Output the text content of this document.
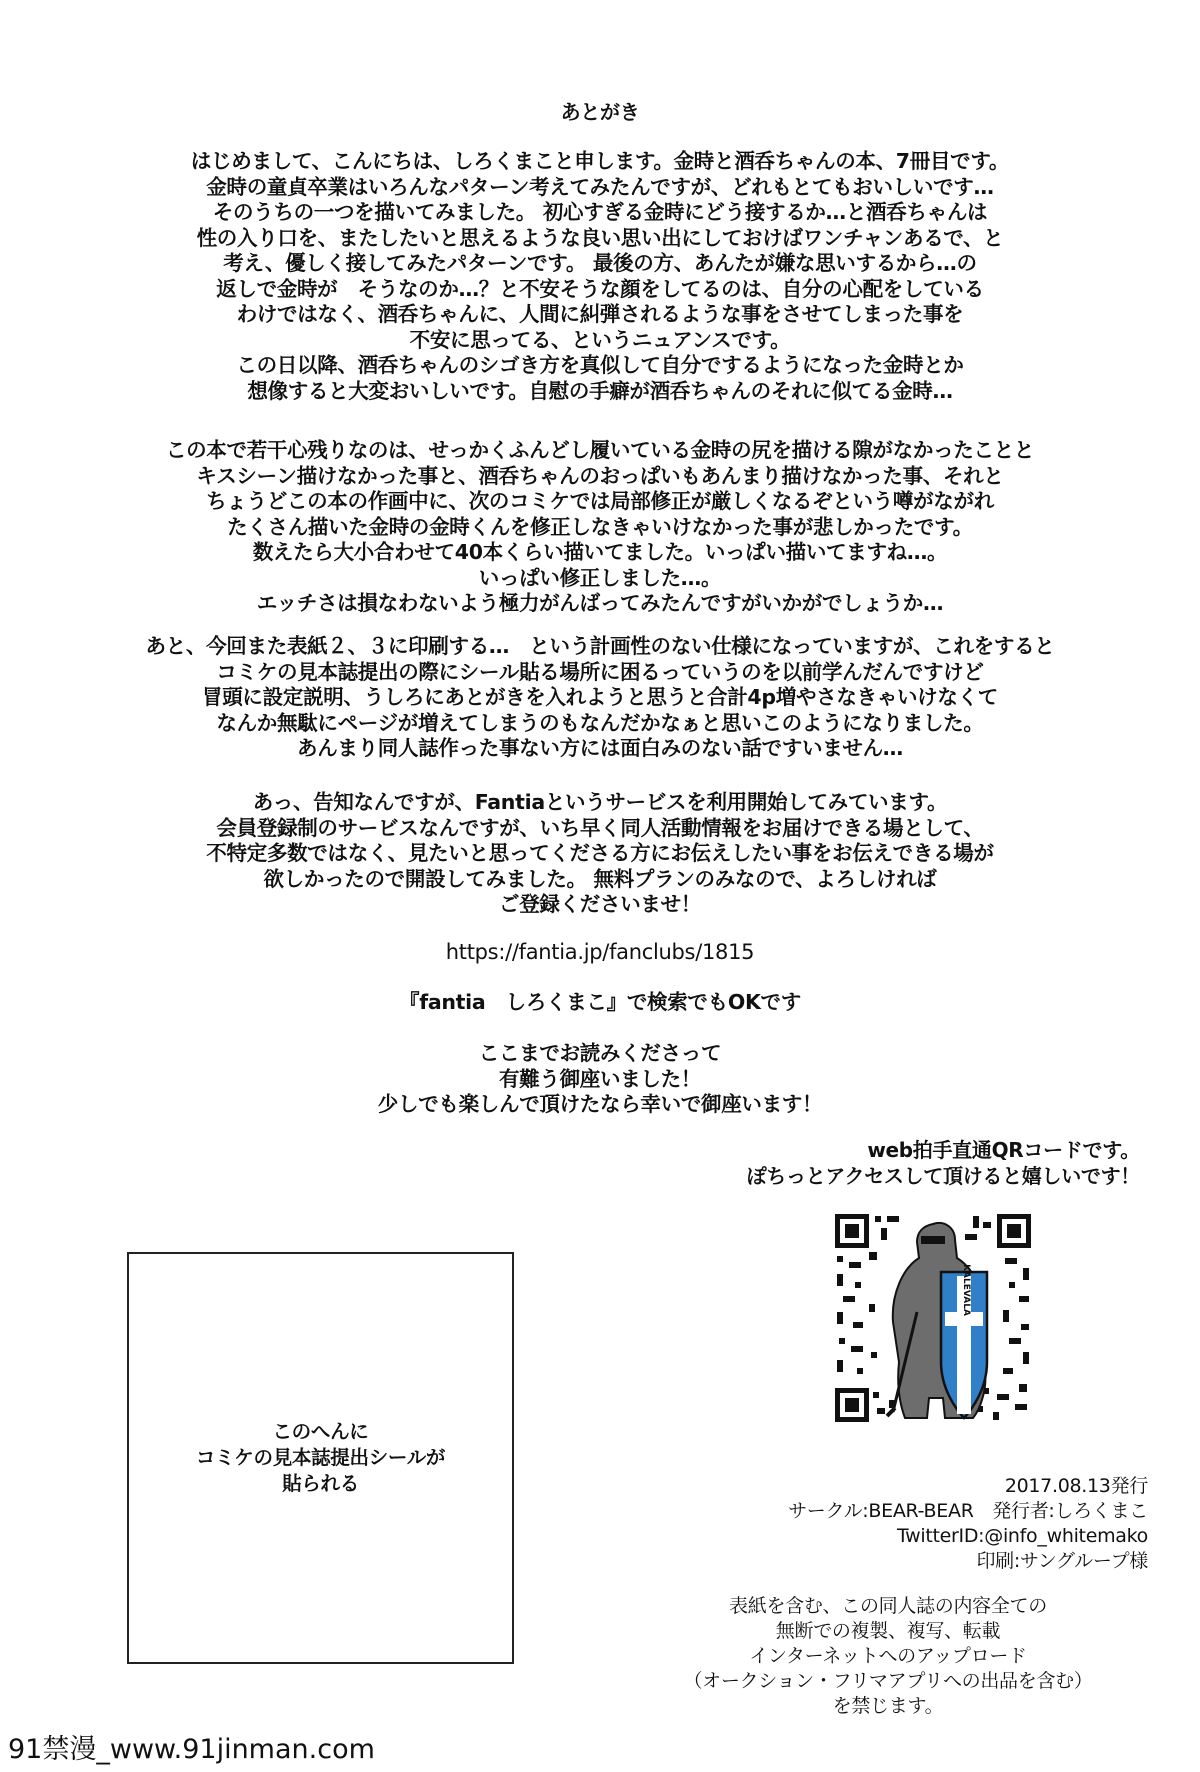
あとがき
はじめまして、こんにちは、しろくまこと申します。金時と酒呑ちゃんの本、7冊目です。
金時の童貞卒業はいろんなパターン考えてみたんですが、どれもとてもおいしいです…
そのうちの一つを描いてみました。 初心すぎる金時にどう接するか…と酒呑ちゃんは
性の入り口を、またしたいと思えるような良い思い出にしておけばワンチャンあるで、と
考え、優しく接してみたパターンです。 最後の方、あんたが嫌な思いするから…の
返しで金時が　そうなのか…？と不安そうな顔をしてるのは、自分の心配をしている
わけではなく、酒呑ちゃんに、人間に糾弾されるような事をさせてしまった事を
不安に思ってる、というニュアンスです。
この日以降、酒呑ちゃんのシゴき方を真似して自分でするようになった金時とか
想像すると大変おいしいです。自慰の手癖が酒呑ちゃんのそれに似てる金時…
この本で若干心残りなのは、せっかくふんどし履いている金時の尻を描ける隙がなかったことと
キスシーン描けなかった事と、酒呑ちゃんのおっぱいもあんまり描けなかった事、それと
ちょうどこの本の作画中に、次のコミケでは局部修正が厳しくなるぞという噂がながれ
たくさん描いた金時の金時くんを修正しなきゃいけなかった事が悲しかったです。
数えたら大小合わせて40本くらい描いてました。いっぱい描いてますね…。
いっぱい修正しました…。
エッチさは損なわないよう極力がんばってみたんですがいかがでしょうか…
あと、今回また表紙２、３に印刷する…　という計画性のない仕様になっていますが、これをすると
コミケの見本誌提出の際にシール貼る場所に困るっていうのを以前学んだんですけど
冒頭に設定説明、うしろにあとがきを入れようと思うと合計4p増やさなきゃいけなくて
なんか無駄にページが増えてしまうのもなんだかなぁと思いこのようになりました。
あんまり同人誌作った事ない方には面白みのない話ですいません…
あっ、告知なんですが、Fantiaというサービスを利用開始してみています。
会員登録制のサービスなんですが、いち早く同人活動情報をお届けできる場として、
不特定多数ではなく、見たいと思ってくださる方にお伝えしたい事をお伝えできる場が
欲しかったので開設してみました。 無料プランのみなので、よろしければ
ご登録くださいませ！
https://fantia.jp/fanclubs/1815
『fantia　しろくまこ』で検索でもOKです
ここまでお読みくださって
有難う御座いました！
少しでも楽しんで頂けたなら幸いで御座います！
web拍手直通QRコードです。
ぽちっとアクセスして頂けると嬉しいです！
KALEVALA
このへんに
コミケの見本誌提出シールが
貼られる	2017.08.13発行
サークル:BEAR-BEAR　発行者:しろくまこ
TwitterID:@info_whitemako
印刷:サングループ様
表紙を含む、この同人誌の内容全ての
無断での複製、複写、転載
インターネットへのアップロード
（オークション・フリマアプリへの出品を含む）
を禁じます。
91禁漫_www.91jinman.com
